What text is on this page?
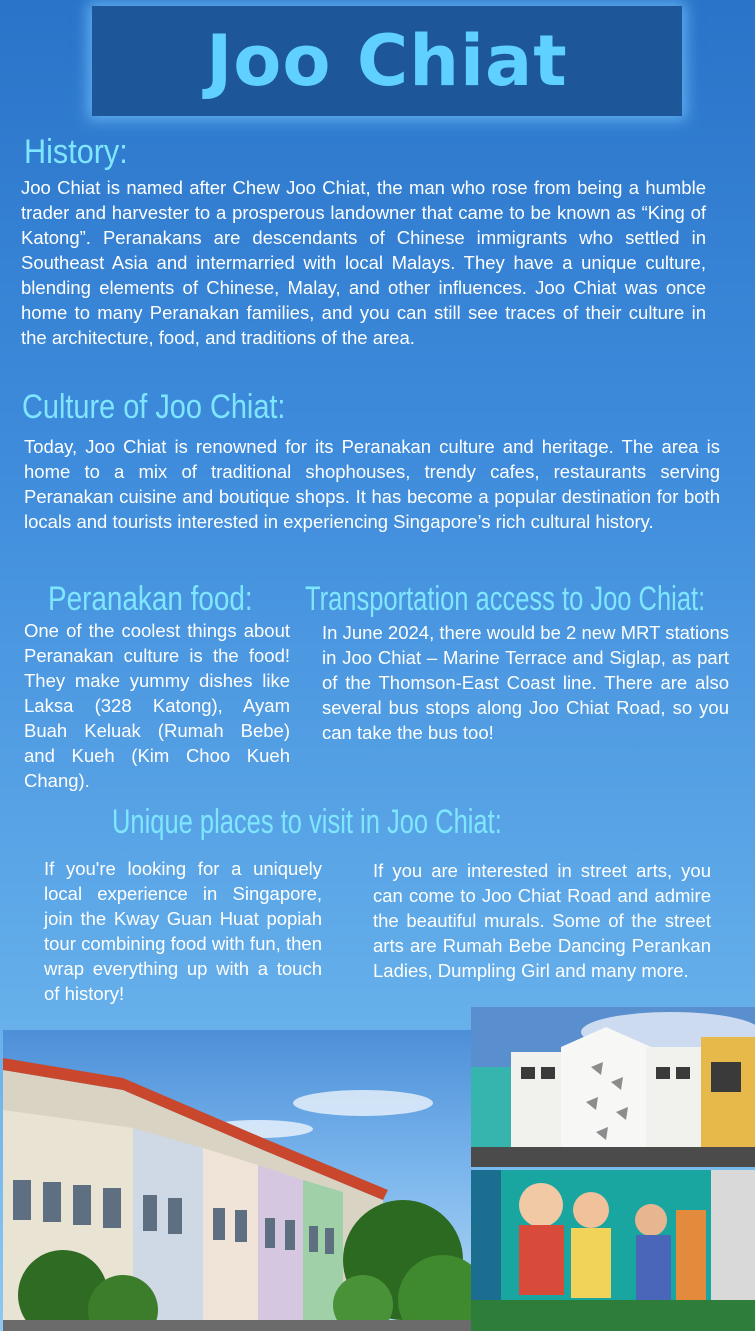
Joo Chiat
History:
Joo Chiat is named after Chew Joo Chiat, the man who rose from being a humble trader and harvester to a prosperous landowner that came to be known as “King of Katong”. Peranakans are descendants of Chinese immigrants who settled in Southeast Asia and intermarried with local Malays. They have a unique culture, blending elements of Chinese, Malay, and other influences. Joo Chiat was once home to many Peranakan families, and you can still see traces of their culture in the architecture, food, and traditions of the area.
Culture of Joo Chiat:
Today, Joo Chiat is renowned for its Peranakan culture and heritage. The area is home to a mix of traditional shophouses, trendy cafes, restaurants serving Peranakan cuisine and boutique shops. It has become a popular destination for both locals and tourists interested in experiencing Singapore’s rich cultural history.
Peranakan food:
One of the coolest things about Peranakan culture is the food! They make yummy dishes like Laksa (328 Katong), Ayam Buah Keluak (Rumah Bebe) and Kueh (Kim Choo Kueh Chang).
Transportation access to Joo Chiat:
In June 2024, there would be 2 new MRT stations in Joo Chiat – Marine Terrace and Siglap, as part of the Thomson-East Coast line. There are also several bus stops along Joo Chiat Road, so you can take the bus too!
Unique places to visit in Joo Chiat:
If you're looking for a uniquely local experience in Singapore, join the Kway Guan Huat popiah tour combining food with fun, then wrap everything up with a touch of history!
If you are interested in street arts, you can come to Joo Chiat Road and admire the beautiful murals. Some of the street arts are Rumah Bebe Dancing Perankan Ladies, Dumpling Girl and many more.
